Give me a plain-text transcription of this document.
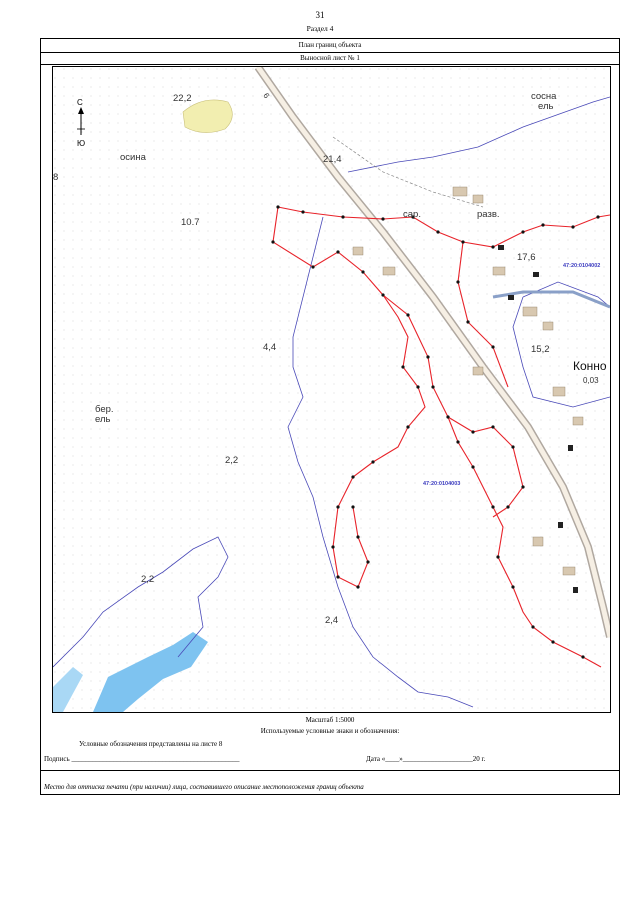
31
Раздел 4
План границ объекта
Выносной лист № 1
С
Ю
22,2	6	сосна
ель
осина
8
21,4
10.7
сар.	разв.
17,6
4,4	15,2
Конно
0,03
бер.
ель
2,2
2,2
2,4
47:20:0104002
47:20:0104003
Масштаб 1:5000
Используемые условные знаки и обозначения:
Условные обозначения представлены на листе 8
Подпись ________________________________________________	Дата «____»____________________20 г.
Место для оттиска печати (при наличии) лица, составившего описание местоположения границ объекта
